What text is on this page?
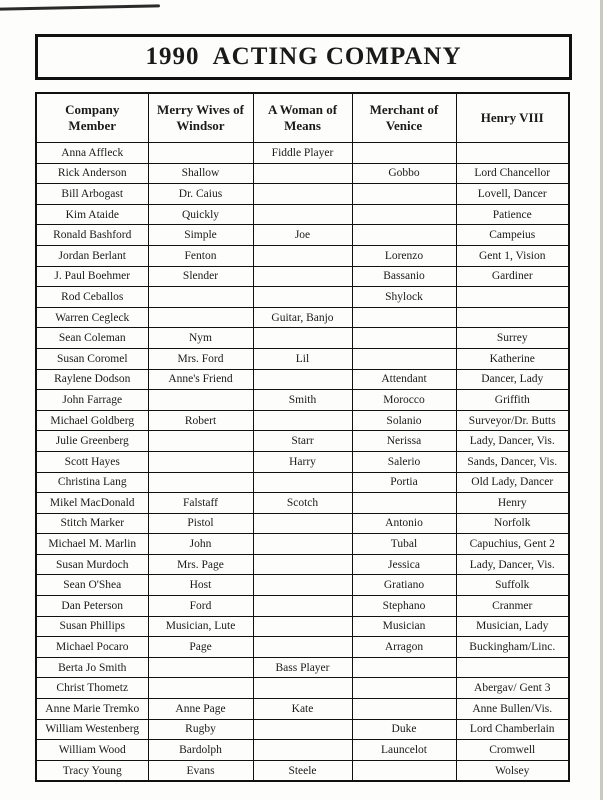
1990  ACTING COMPANY
Company Member	Merry Wives of Windsor	A Woman of Means	Merchant of Venice	Henry VIII
Anna Affleck		Fiddle Player		
Rick Anderson	Shallow		Gobbo	Lord Chancellor
Bill Arbogast	Dr. Caius			Lovell, Dancer
Kim Ataide	Quickly			Patience
Ronald Bashford	Simple	Joe		Campeius
Jordan Berlant	Fenton		Lorenzo	Gent 1, Vision
J. Paul Boehmer	Slender		Bassanio	Gardiner
Rod Ceballos			Shylock	
Warren Cegleck		Guitar, Banjo		
Sean Coleman	Nym			Surrey
Susan Coromel	Mrs. Ford	Lil		Katherine
Raylene Dodson	Anne's Friend		Attendant	Dancer, Lady
John Farrage		Smith	Morocco	Griffith
Michael Goldberg	Robert		Solanio	Surveyor/Dr. Butts
Julie Greenberg		Starr	Nerissa	Lady, Dancer, Vis.
Scott Hayes		Harry	Salerio	Sands, Dancer, Vis.
Christina Lang			Portia	Old Lady, Dancer
Mikel MacDonald	Falstaff	Scotch		Henry
Stitch Marker	Pistol		Antonio	Norfolk
Michael M. Marlin	John		Tubal	Capuchius, Gent 2
Susan Murdoch	Mrs. Page		Jessica	Lady, Dancer, Vis.
Sean O'Shea	Host		Gratiano	Suffolk
Dan Peterson	Ford		Stephano	Cranmer
Susan Phillips	Musician, Lute		Musician	Musician, Lady
Michael Pocaro	Page		Arragon	Buckingham/Linc.
Berta Jo Smith		Bass Player		
Christ Thometz				Abergav/ Gent 3
Anne Marie Tremko	Anne Page	Kate		Anne Bullen/Vis.
William Westenberg	Rugby		Duke	Lord Chamberlain
William Wood	Bardolph		Launcelot	Cromwell
Tracy Young	Evans	Steele		Wolsey
